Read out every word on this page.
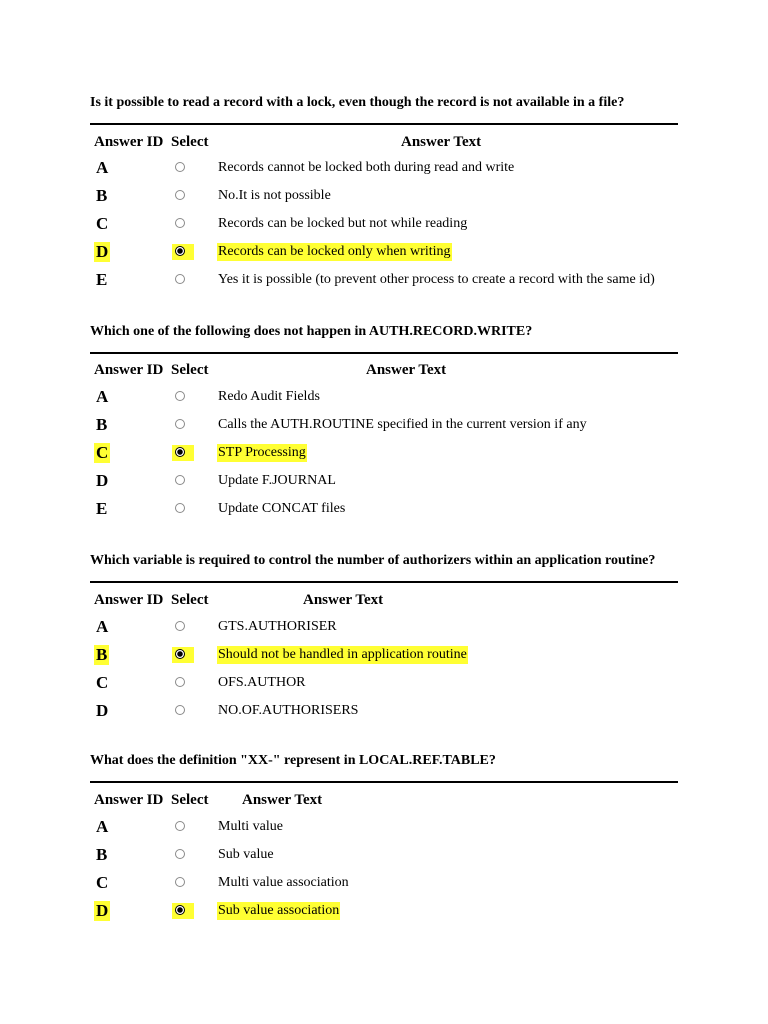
Is it possible to read a record with a lock, even though the record is not available in a file?
Answer ID Select	Answer Text
A	Records cannot be locked both during read and write
B	No.It is not possible
C	Records can be locked but not while reading
D	Records can be locked only when writing
E	Yes it is possible (to prevent other process to create a record with the same id)
Which one of the following does not happen in AUTH.RECORD.WRITE?
Answer ID Select	Answer Text
A	Redo Audit Fields
B	Calls the AUTH.ROUTINE specified in the current version if any
C	STP Processing
D	Update F.JOURNAL
E	Update CONCAT files
Which variable is required to control the number of authorizers within an application routine?
Answer ID Select	Answer Text
A	GTS.AUTHORISER
B	Should not be handled in application routine
C	OFS.AUTHOR
D	NO.OF.AUTHORISERS
What does the definition "XX-" represent in LOCAL.REF.TABLE?
Answer ID Select Answer Text
A	Multi value
B	Sub value
C	Multi value association
D	Sub value association
